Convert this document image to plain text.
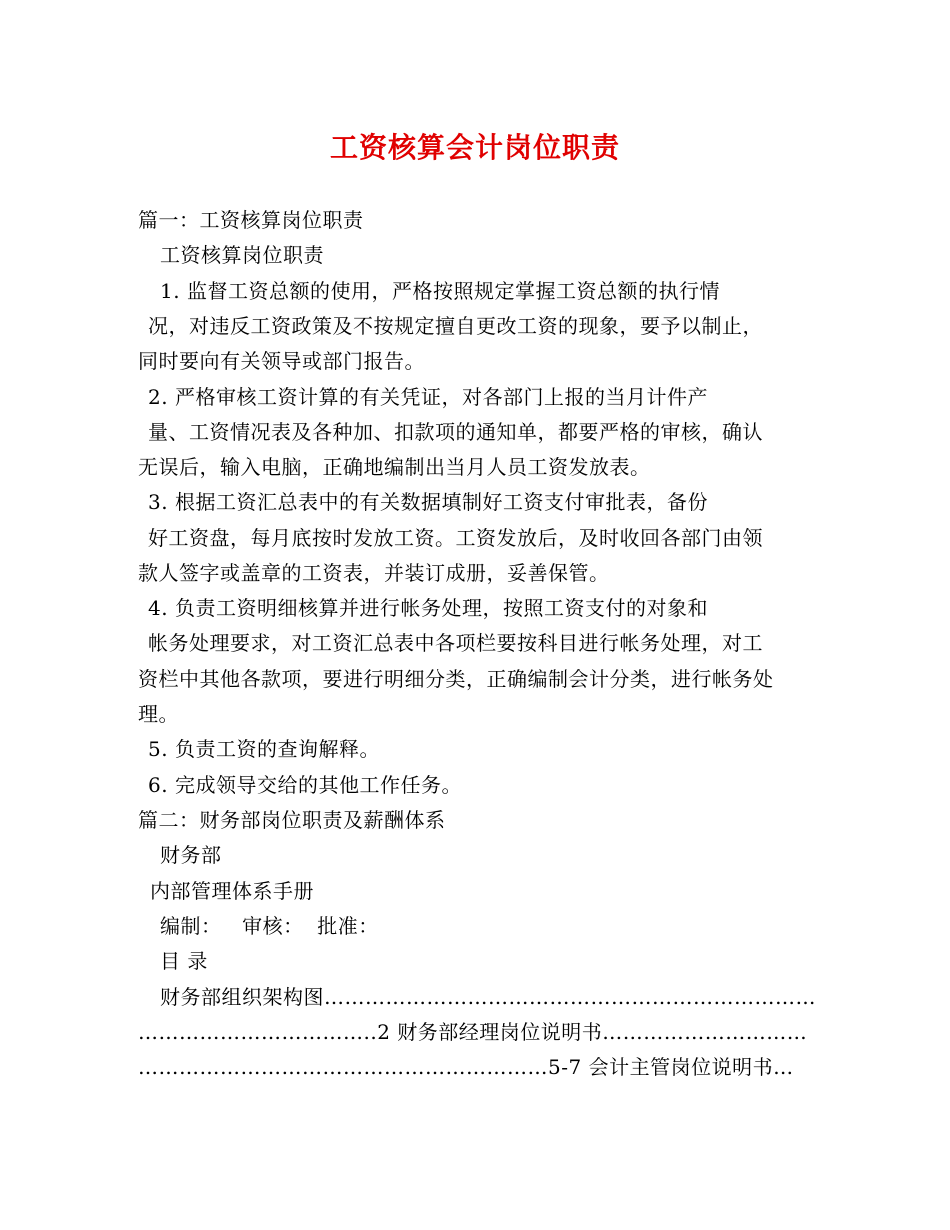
工资核算会计岗位职责
篇一：工资核算岗位职责
工资核算岗位职责
1. 监督工资总额的使用，严格按照规定掌握工资总额的执行情
况，对违反工资政策及不按规定擅自更改工资的现象，要予以制止，
同时要向有关领导或部门报告。
2. 严格审核工资计算的有关凭证，对各部门上报的当月计件产
量、工资情况表及各种加、扣款项的通知单，都要严格的审核，确认
无误后，输入电脑，正确地编制出当月人员工资发放表。
3. 根据工资汇总表中的有关数据填制好工资支付审批表，备份
好工资盘，每月底按时发放工资。工资发放后，及时收回各部门由领
款人签字或盖章的工资表，并装订成册，妥善保管。
4. 负责工资明细核算并进行帐务处理，按照工资支付的对象和
帐务处理要求，对工资汇总表中各项栏要按科目进行帐务处理，对工
资栏中其他各款项，要进行明细分类，正确编制会计分类，进行帐务处
理。
5. 负责工资的查询解释。
6. 完成领导交给的其他工作任务。
篇二：财务部岗位职责及薪酬体系
财务部
内部管理体系手册
编制：   审核：  批准：
目 录
财务部组织架构图………………………………………………………………
……………………………..2 财务部经理岗位说明书…………………………
……………………………………………………5-7 会计主管岗位说明书…
